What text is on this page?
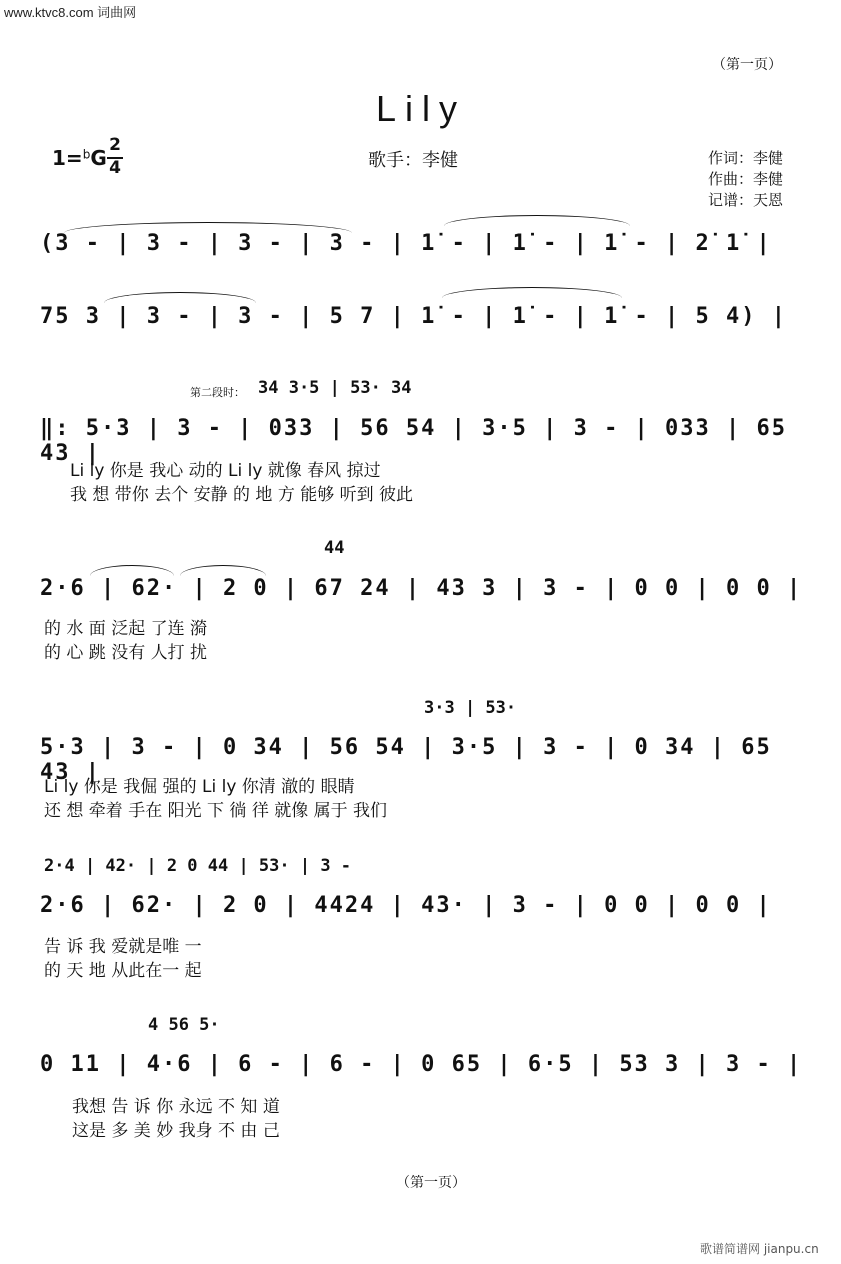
www.ktvc8.com 词曲网
（第一页）
Lily
1=$^b$G
2
4	歌手：李健	作词：李健
作曲：李健
记谱：天恩
(3 - | 3 - | 3 - | 3 - | 1̇ - | 1̇ - | 1̇ - | 2̇ 1̇ |
75 3 | 3 - | 3 - | 5 7 | 1̇ - | 1̇ - | 1̇ - | 5 4) |
第二段时： 34 3·5 | 53· 34
‖: 5·3 | 3 - | 033 | 56 54 | 3·5 | 3 - | 033 | 65 43 |
Li ly 你是 我心 动的 Li ly 就像 春风 掠过
我 想 带你 去个 安静 的 地 方 能够 听到 彼此
44
2·6 | 62· | 2 0 | 67 24 | 43 3 | 3 - | 0 0 | 0 0 |
的 水 面 泛起 了连 漪
的 心 跳 没有 人打 扰
3·3 | 53·
5·3 | 3 - | 0 34 | 56 54 | 3·5 | 3 - | 0 34 | 65 43 |
Li ly 你是 我倔 强的 Li ly 你清 澈的 眼睛
还 想 牵着 手在 阳光 下 徜 徉 就像 属于 我们
2·4 | 42· | 2 0 44 | 53· | 3 -
2·6 | 62· | 2 0 | 4424 | 43· | 3 - | 0 0 | 0 0 |
告 诉 我 爱就是唯 一
的 天 地 从此在一 起
4 56 5·
0 11 | 4·6 | 6 - | 6 - | 0 65 | 6·5 | 53 3 | 3 - |
我想 告 诉 你 永远 不 知 道
这是 多 美 妙 我身 不 由 己
（第一页）
歌谱简谱网 jianpu.cn
